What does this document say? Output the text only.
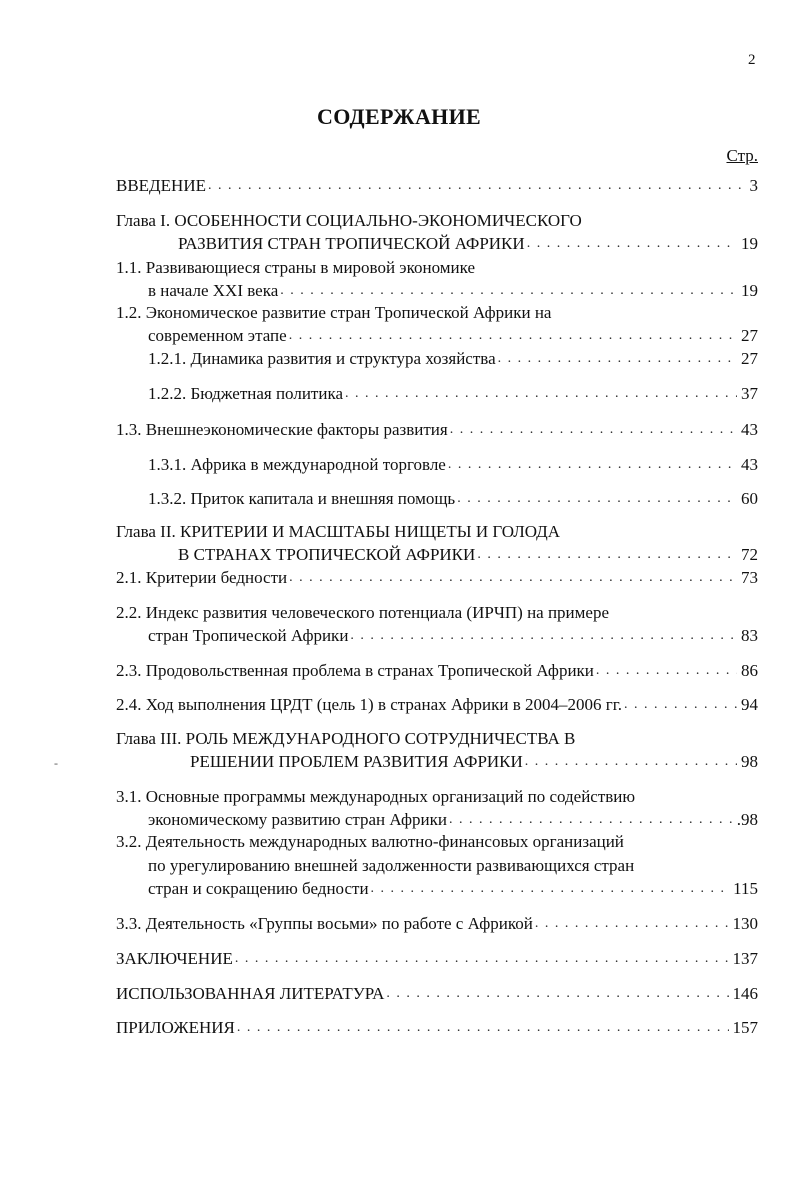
2
СОДЕРЖАНИЕ
Стр.
ВВЕДЕНИЕ . . .	3
Глава I. ОСОБЕННОСТИ СОЦИАЛЬНО-ЭКОНОМИЧЕСКОГО
РАЗВИТИЯ СТРАН ТРОПИЧЕСКОЙ АФРИКИ . . .	19
1.1. Развивающиеся страны в мировой экономике
в начале XXI века . . .	19
1.2. Экономическое развитие стран Тропической Африки на
современном этапе . . .	27
1.2.1. Динамика развития и структура хозяйства . . .	27
1.2.2. Бюджетная политика . . .	37
1.3. Внешнеэкономические факторы развития . . .	43
1.3.1. Африка в международной торговле . . .	43
1.3.2. Приток капитала и внешняя помощь . . .	60
Глава II. КРИТЕРИИ И МАСШТАБЫ НИЩЕТЫ И ГОЛОДА
В СТРАНАХ ТРОПИЧЕСКОЙ АФРИКИ . . .	72
2.1. Критерии бедности . . .	73
2.2. Индекс развития человеческого потенциала (ИРЧП) на примере
стран Тропической Африки . . .	83
2.3. Продовольственная проблема в странах Тропической Африки . . .	86
2.4. Ход выполнения ЦРДТ (цель 1) в странах Африки в 2004–2006 гг. . . .	94
Глава III. РОЛЬ МЕЖДУНАРОДНОГО СОТРУДНИЧЕСТВА В
РЕШЕНИИ ПРОБЛЕМ РАЗВИТИЯ АФРИКИ . . .	98
3.1. Основные программы международных организаций по содействию
экономическому развитию стран Африки . . .	.98
3.2. Деятельность международных валютно-финансовых организаций
по урегулированию внешней задолженности развивающихся стран
стран и сокращению бедности . . .	115
3.3. Деятельность «Группы восьми» по работе с Африкой . . .	130
ЗАКЛЮЧЕНИЕ . . .	137
ИСПОЛЬЗОВАННАЯ ЛИТЕРАТУРА . . .	146
ПРИЛОЖЕНИЯ . . .	157
-
